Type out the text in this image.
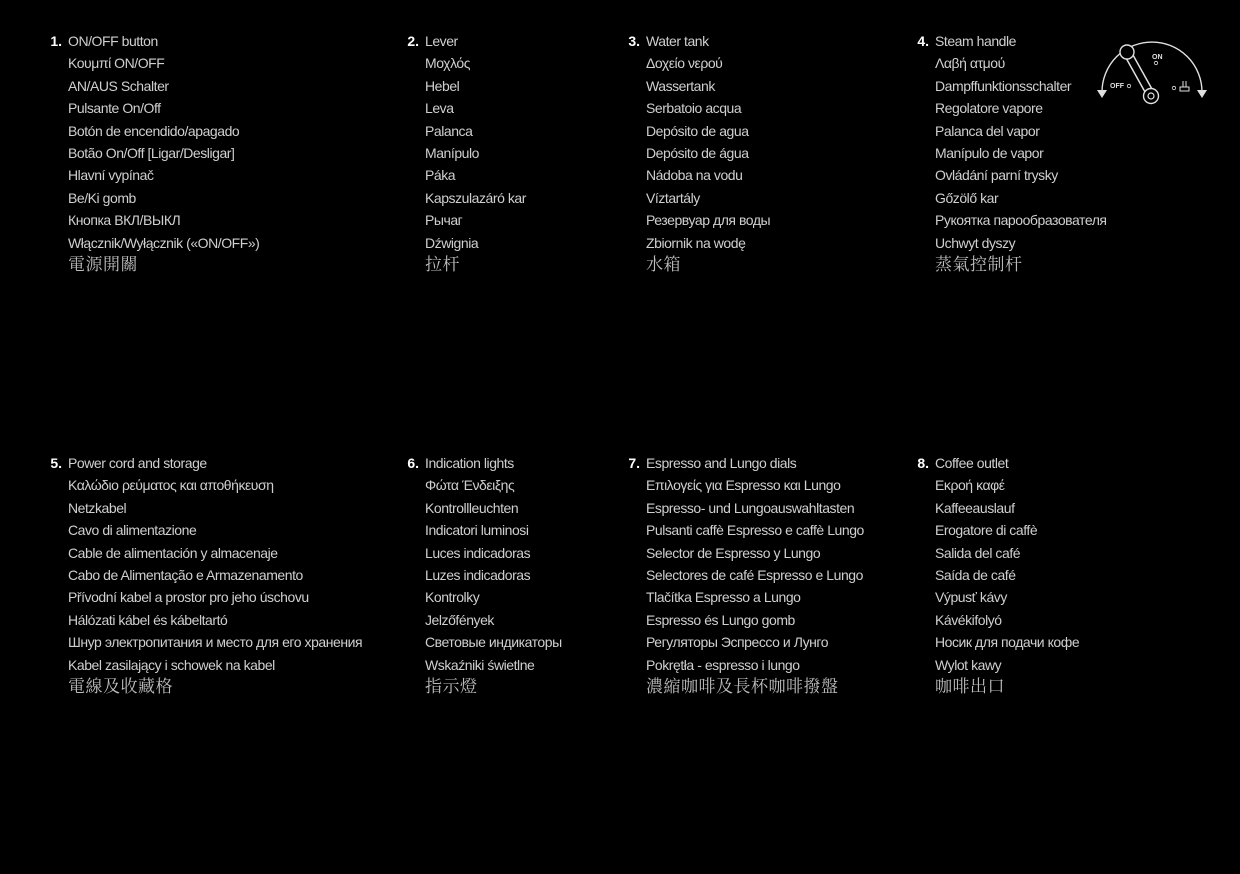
1. ON/OFF button
Κουμπί ON/OFF
AN/AUS Schalter
Pulsante On/Off
Botón de encendido/apagado
Botão On/Off [Ligar/Desligar]
Hlavní vypínač
Be/Ki gomb
Кнопка ВКЛ/ВЫКЛ
Włącznik/Wyłącznik («ON/OFF»)
電源開關
2. Lever
Μοχλός
Hebel
Leva
Palanca
Manípulo
Páka
Kapszulazáró kar
Рычаг
Dźwignia
拉杆
3. Water tank
Δοχείο νερού
Wassertank
Serbatoio acqua
Depósito de agua
Depósito de água
Nádoba na vodu
Víztartály
Резервуар для воды
Zbiornik na wodę
水箱
4. Steam handle
Λαβή ατμού
Dampffunktionsschalter
Regolatore vapore
Palanca del vapor
Manípulo de vapor
Ovládání parní trysky
Gőzölő kar
Рукоятка парообразователя
Uchwyt dyszy
蒸氣控制杆
ON
OFF
5. Power cord and storage
Καλώδιο ρεύματος και αποθήκευση
Netzkabel
Cavo di alimentazione
Cable de alimentación y almacenaje
Cabo de Alimentação e Armazenamento
Přívodní kabel a prostor pro jeho úschovu
Hálózati kábel és kábeltartó
Шнур электропитания и место для его хранения
Kabel zasilający i schowek na kabel
電線及收藏格
6. Indication lights
Φώτα Ένδειξης
Kontrollleuchten
Indicatori luminosi
Luces indicadoras
Luzes indicadoras
Kontrolky
Jelzőfények
Световые индикаторы
Wskaźniki świetlne
指示燈
7. Espresso and Lungo dials
Επιλογείς για Espresso και Lungo
Espresso- und Lungoauswahltasten
Pulsanti caffè Espresso e caffè Lungo
Selector de Espresso y Lungo
Selectores de café Espresso e Lungo
Tlačítka Espresso a Lungo
Espresso és Lungo gomb
Регуляторы Эспрессо и Лунго
Pokrętła - espresso i lungo
濃縮咖啡及長杯咖啡撥盤
8. Coffee outlet
Εκροή καφέ
Kaffeeauslauf
Erogatore di caffè
Salida del café
Saída de café
Výpusť kávy
Kávékifolyó
Носик для подачи кофе
Wylot kawy
咖啡出口
